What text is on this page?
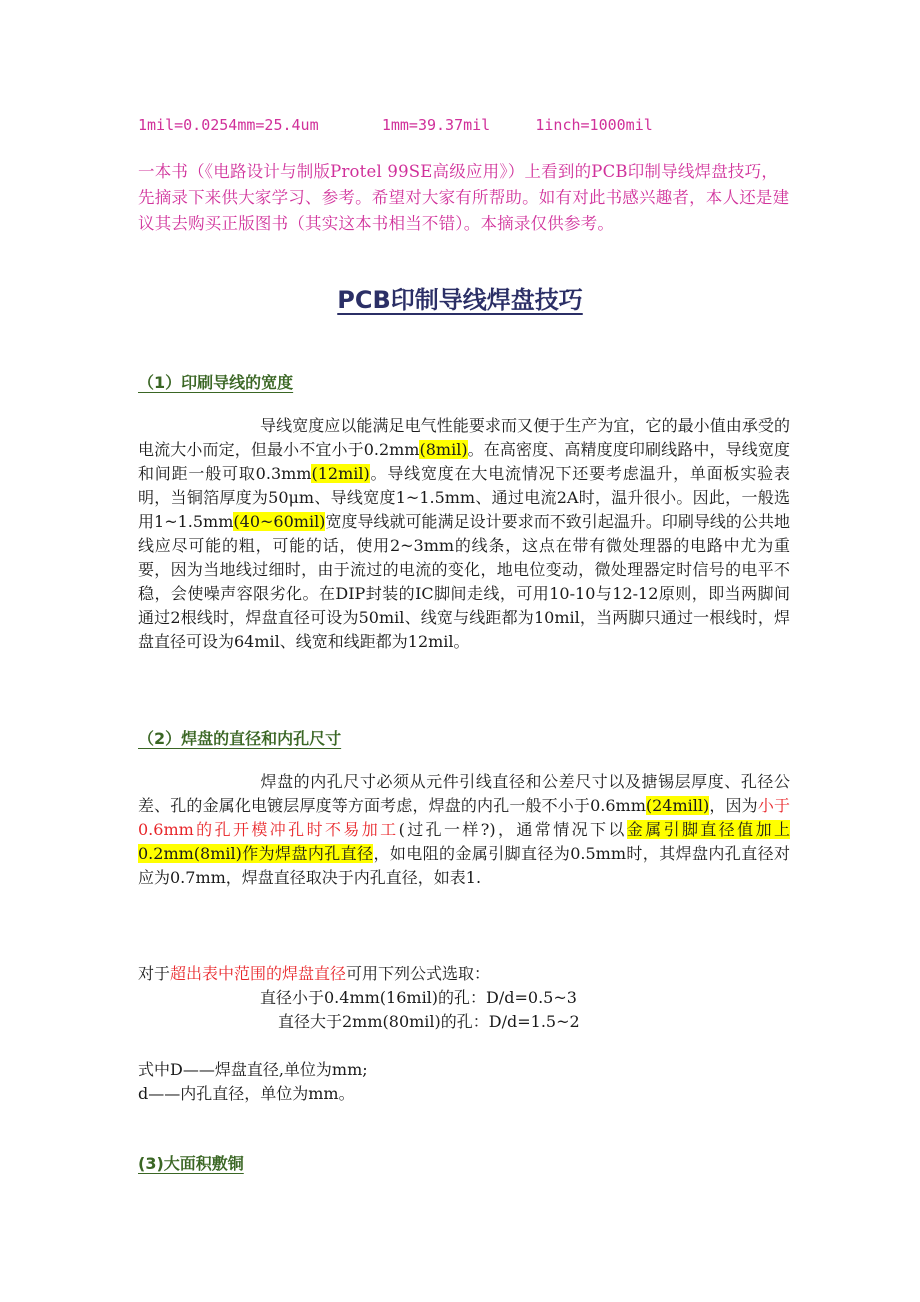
1mil=0.0254mm=25.4um	1mm=39.37mil	1inch=1000mil
一本书（《电路设计与制版Protel 99SE高级应用》）上看到的PCB印制导线焊盘技巧，先摘录下来供大家学习、参考。希望对大家有所帮助。如有对此书感兴趣者，本人还是建议其去购买正版图书（其实这本书相当不错）。本摘录仅供参考。
PCB印制导线焊盘技巧
（1）印刷导线的宽度
导线宽度应以能满足电气性能要求而又便于生产为宜，它的最小值由承受的电流大小而定，但最小不宜小于0.2mm(8mil)。在高密度、高精度度印刷线路中，导线宽度和间距一般可取0.3mm(12mil)。导线宽度在大电流情况下还要考虑温升，单面板实验表明，当铜箔厚度为50μm、导线宽度1~1.5mm、通过电流2A时，温升很小。因此，一般选用1~1.5mm(40~60mil)宽度导线就可能满足设计要求而不致引起温升。印刷导线的公共地线应尽可能的粗，可能的话，使用2~3mm的线条，这点在带有微处理器的电路中尤为重要，因为当地线过细时，由于流过的电流的变化，地电位变动，微处理器定时信号的电平不稳，会使噪声容限劣化。在DIP封装的IC脚间走线，可用10-10与12-12原则，即当两脚间通过2根线时，焊盘直径可设为50mil、线宽与线距都为10mil，当两脚只通过一根线时，焊盘直径可设为64mil、线宽和线距都为12mil。
（2）焊盘的直径和内孔尺寸
焊盘的内孔尺寸必须从元件引线直径和公差尺寸以及搪锡层厚度、孔径公差、孔的金属化电镀层厚度等方面考虑，焊盘的内孔一般不小于0.6mm(24mill)，因为小于0.6mm的孔开模冲孔时不易加工(过孔一样?)，通常情况下以金属引脚直径值加上0.2mm(8mil)作为焊盘内孔直径，如电阻的金属引脚直径为0.5mm时，其焊盘内孔直径对应为0.7mm，焊盘直径取决于内孔直径，如表1.
对于超出表中范围的焊盘直径可用下列公式选取：
直径小于0.4mm(16mil)的孔：D/d=0.5~3
直径大于2mm(80mil)的孔：D/d=1.5~2
式中D——焊盘直径,单位为mm;
d——内孔直径，单位为mm。
(3)大面积敷铜
